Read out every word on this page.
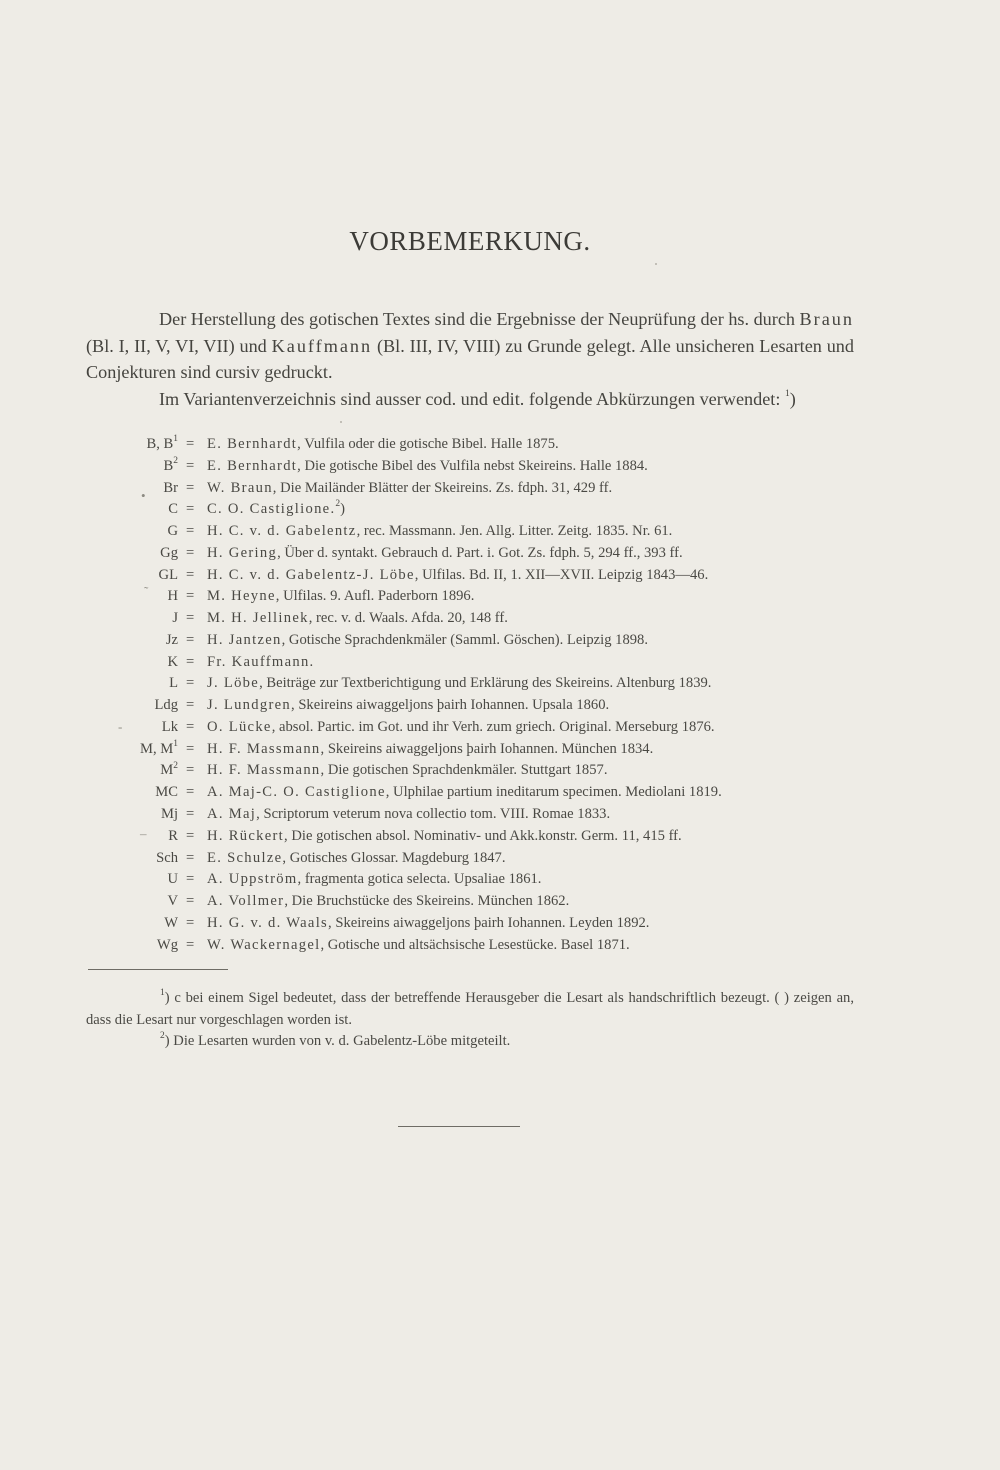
VORBEMERKUNG.

Der Herstellung des gotischen Textes sind die Ergebnisse der Neuprüfung der hs. durch Braun (Bl. I, II, V, VI, VII) und Kauffmann (Bl. III, IV, VIII) zu Grunde gelegt. Alle unsicheren Lesarten und Conjekturen sind cursiv gedruckt.

Im Variantenverzeichnis sind ausser cod. und edit. folgende Abkürzungen verwendet: $^1$)

B, $B^1 = E$. Bernhardt, Vulfila oder die gotische Bibel. Halle 1875.
$B^2 = E$. Bernhardt, Die gotische Bibel des Vulfila nebst Skeireins. Halle 1884.
Br = W. Braun, Die Mailänder Blätter der Skeireins. Zs. fdph. 31, 429 ff.
C = C. O. Castiglione.$^2$)
G = H. C. v. d. Gabelentz, rec. Massmann. Jen. Allg. Litter. Zeitg. 1835. Nr. 61.
Gg = H. Gering, Über d. syntakt. Gebrauch d. Part. i. Got. Zs. fdph. 5, 294 ff., 393 ff.
GL = H. C. v. d. Gabelentz-J. Löbe, Ulfilas. Bd. II, 1. XII—XVII. Leipzig 1843—46.
H = M. Heyne, Ulfilas. 9. Aufl. Paderborn 1896.
J = M. H. Jellinek, rec. v. d. Waals. Afda. 20, 148 ff.
Jz = H. Jantzen, Gotische Sprachdenkmäler (Samml. Göschen). Leipzig 1898.
K = Fr. Kauffmann.
L = J. Löbe, Beiträge zur Textberichtigung und Erklärung des Skeireins. Altenburg 1839.
Ldg = J. Lundgren, Skeireins aiwaggeljons þairh Iohannen. Upsala 1860.
Lk = O. Lücke, absol. Partic. im Got. und ihr Verh. zum griech. Original. Merseburg 1876.
M, $M^1 = H$. F. Massmann, Skeireins aiwaggeljons þairh Iohannen. München 1834.
$M^2 = H$. F. Massmann, Die gotischen Sprachdenkmäler. Stuttgart 1857.
MC = A. Maj-C. O. Castiglione, Ulphilae partium ineditarum specimen. Mediolani 1819.
Mj = A. Maj, Scriptorum veterum nova collectio tom. VIII. Romae 1833.
R = H. Rückert, Die gotischen absol. Nominativ- und Akk.konstr. Germ. 11, 415 ff.
Sch = E. Schulze, Gotisches Glossar. Magdeburg 1847.
U = A. Uppström, fragmenta gotica selecta. Upsaliae 1861.
V = A. Vollmer, Die Bruchstücke des Skeireins. München 1862.
W = H. G. v. d. Waals, Skeireins aiwaggeljons þairh Iohannen. Leyden 1892.
Wg = W. Wackernagel, Gotische und altsächsische Lesestücke. Basel 1871.
•
˷
-
–

$^1$) c bei einem Sigel bedeutet, dass der betreffende Herausgeber die Lesart als handschriftlich bezeugt. ( ) zeigen an, dass die Lesart nur vorgeschlagen worden ist.

$^2$) Die Lesarten wurden von v. d. Gabelentz-Löbe mitgeteilt.
